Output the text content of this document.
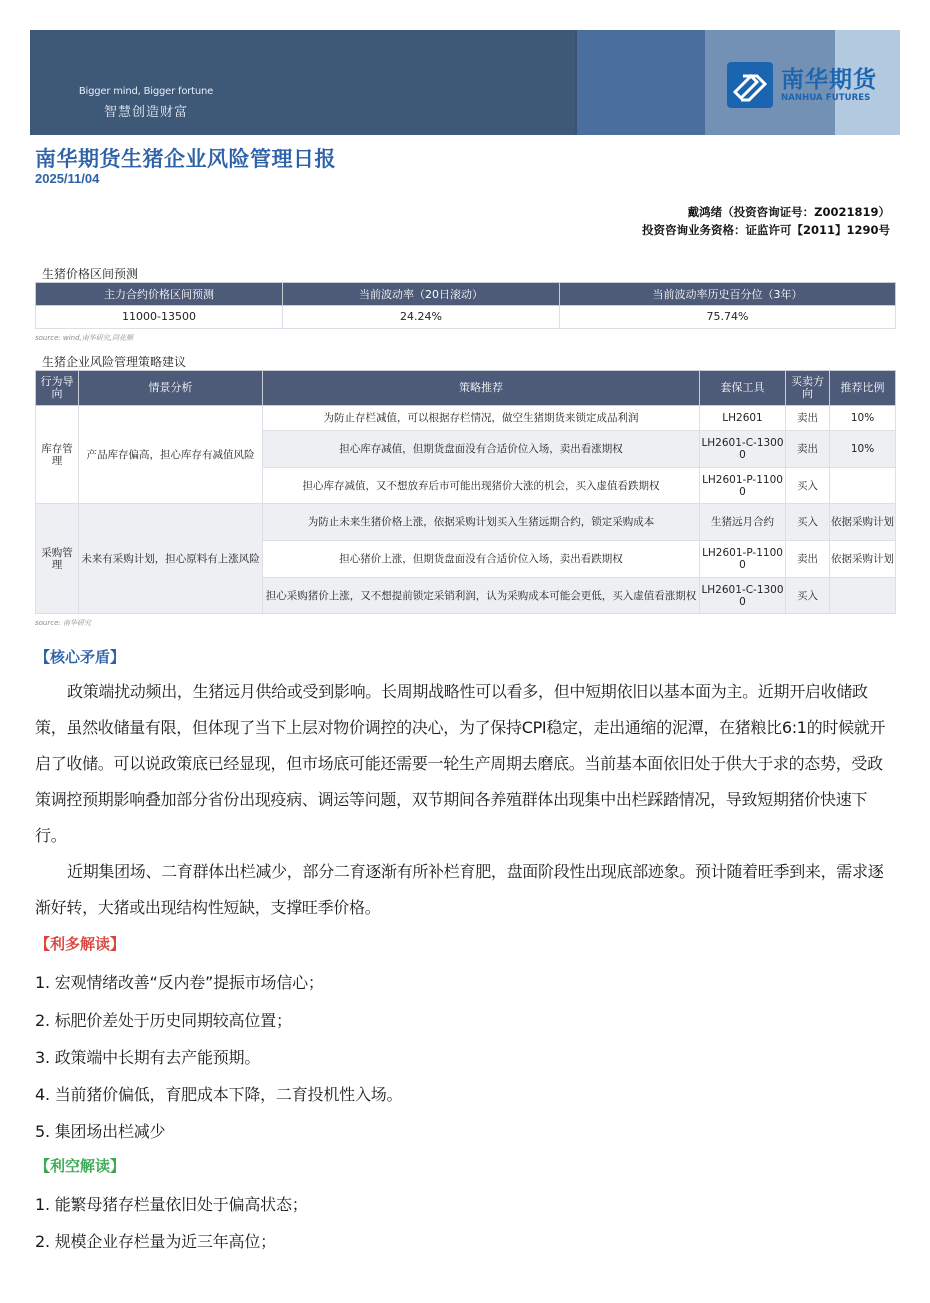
Bigger mind, Bigger fortune
智慧创造财富
南华期货
NANHUA FUTURES
南华期货生猪企业风险管理日报
2025/11/04
戴鸿绪（投资咨询证号：Z0021819）
投资咨询业务资格：证监许可【2011】1290号
生猪价格区间预测
主力合约价格区间预测	当前波动率（20日滚动）	当前波动率历史百分位（3年）
11000-13500	24.24%	75.74%
source: wind,南华研究,同花顺
生猪企业风险管理策略建议
行为导向	情景分析	策略推荐	套保工具	买卖方向	推荐比例
库存管理	产品库存偏高，担心库存有减值风险	为防止存栏减值，可以根据存栏情况，做空生猪期货来锁定成品利润	LH2601	卖出	10%
		担心库存减值，但期货盘面没有合适价位入场，卖出看涨期权	LH2601-C-13000	卖出	10%
		担心库存减值，又不想放弃后市可能出现猪价大涨的机会，买入虚值看跌期权	LH2601-P-11000	买入	
采购管理	未来有采购计划，担心原料有上涨风险	为防止未来生猪价格上涨，依据采购计划买入生猪远期合约，锁定采购成本	生猪远月合约	买入	依据采购计划
		担心猪价上涨，但期货盘面没有合适价位入场，卖出看跌期权	LH2601-P-11000	卖出	依据采购计划
		担心采购猪价上涨，又不想提前锁定采销利润，认为采购成本可能会更低，买入虚值看涨期权	LH2601-C-13000	买入	
source: 南华研究
【核心矛盾】
政策端扰动频出，生猪远月供给或受到影响。长周期战略性可以看多，但中短期依旧以基本面为主。近期开启收储政策，虽然收储量有限，但体现了当下上层对物价调控的决心，为了保持CPI稳定，走出通缩的泥潭，在猪粮比6:1的时候就开启了收储。可以说政策底已经显现，但市场底可能还需要一轮生产周期去磨底。当前基本面依旧处于供大于求的态势，受政策调控预期影响叠加部分省份出现疫病、调运等问题，双节期间各养殖群体出现集中出栏踩踏情况，导致短期猪价快速下行。
近期集团场、二育群体出栏减少，部分二育逐渐有所补栏育肥，盘面阶段性出现底部迹象。预计随着旺季到来，需求逐渐好转，大猪或出现结构性短缺，支撑旺季价格。
【利多解读】
1. 宏观情绪改善“反内卷”提振市场信心；
2. 标肥价差处于历史同期较高位置；
3. 政策端中长期有去产能预期。
4. 当前猪价偏低，育肥成本下降，二育投机性入场。
5. 集团场出栏减少
【利空解读】
1. 能繁母猪存栏量依旧处于偏高状态；
2. 规模企业存栏量为近三年高位；
